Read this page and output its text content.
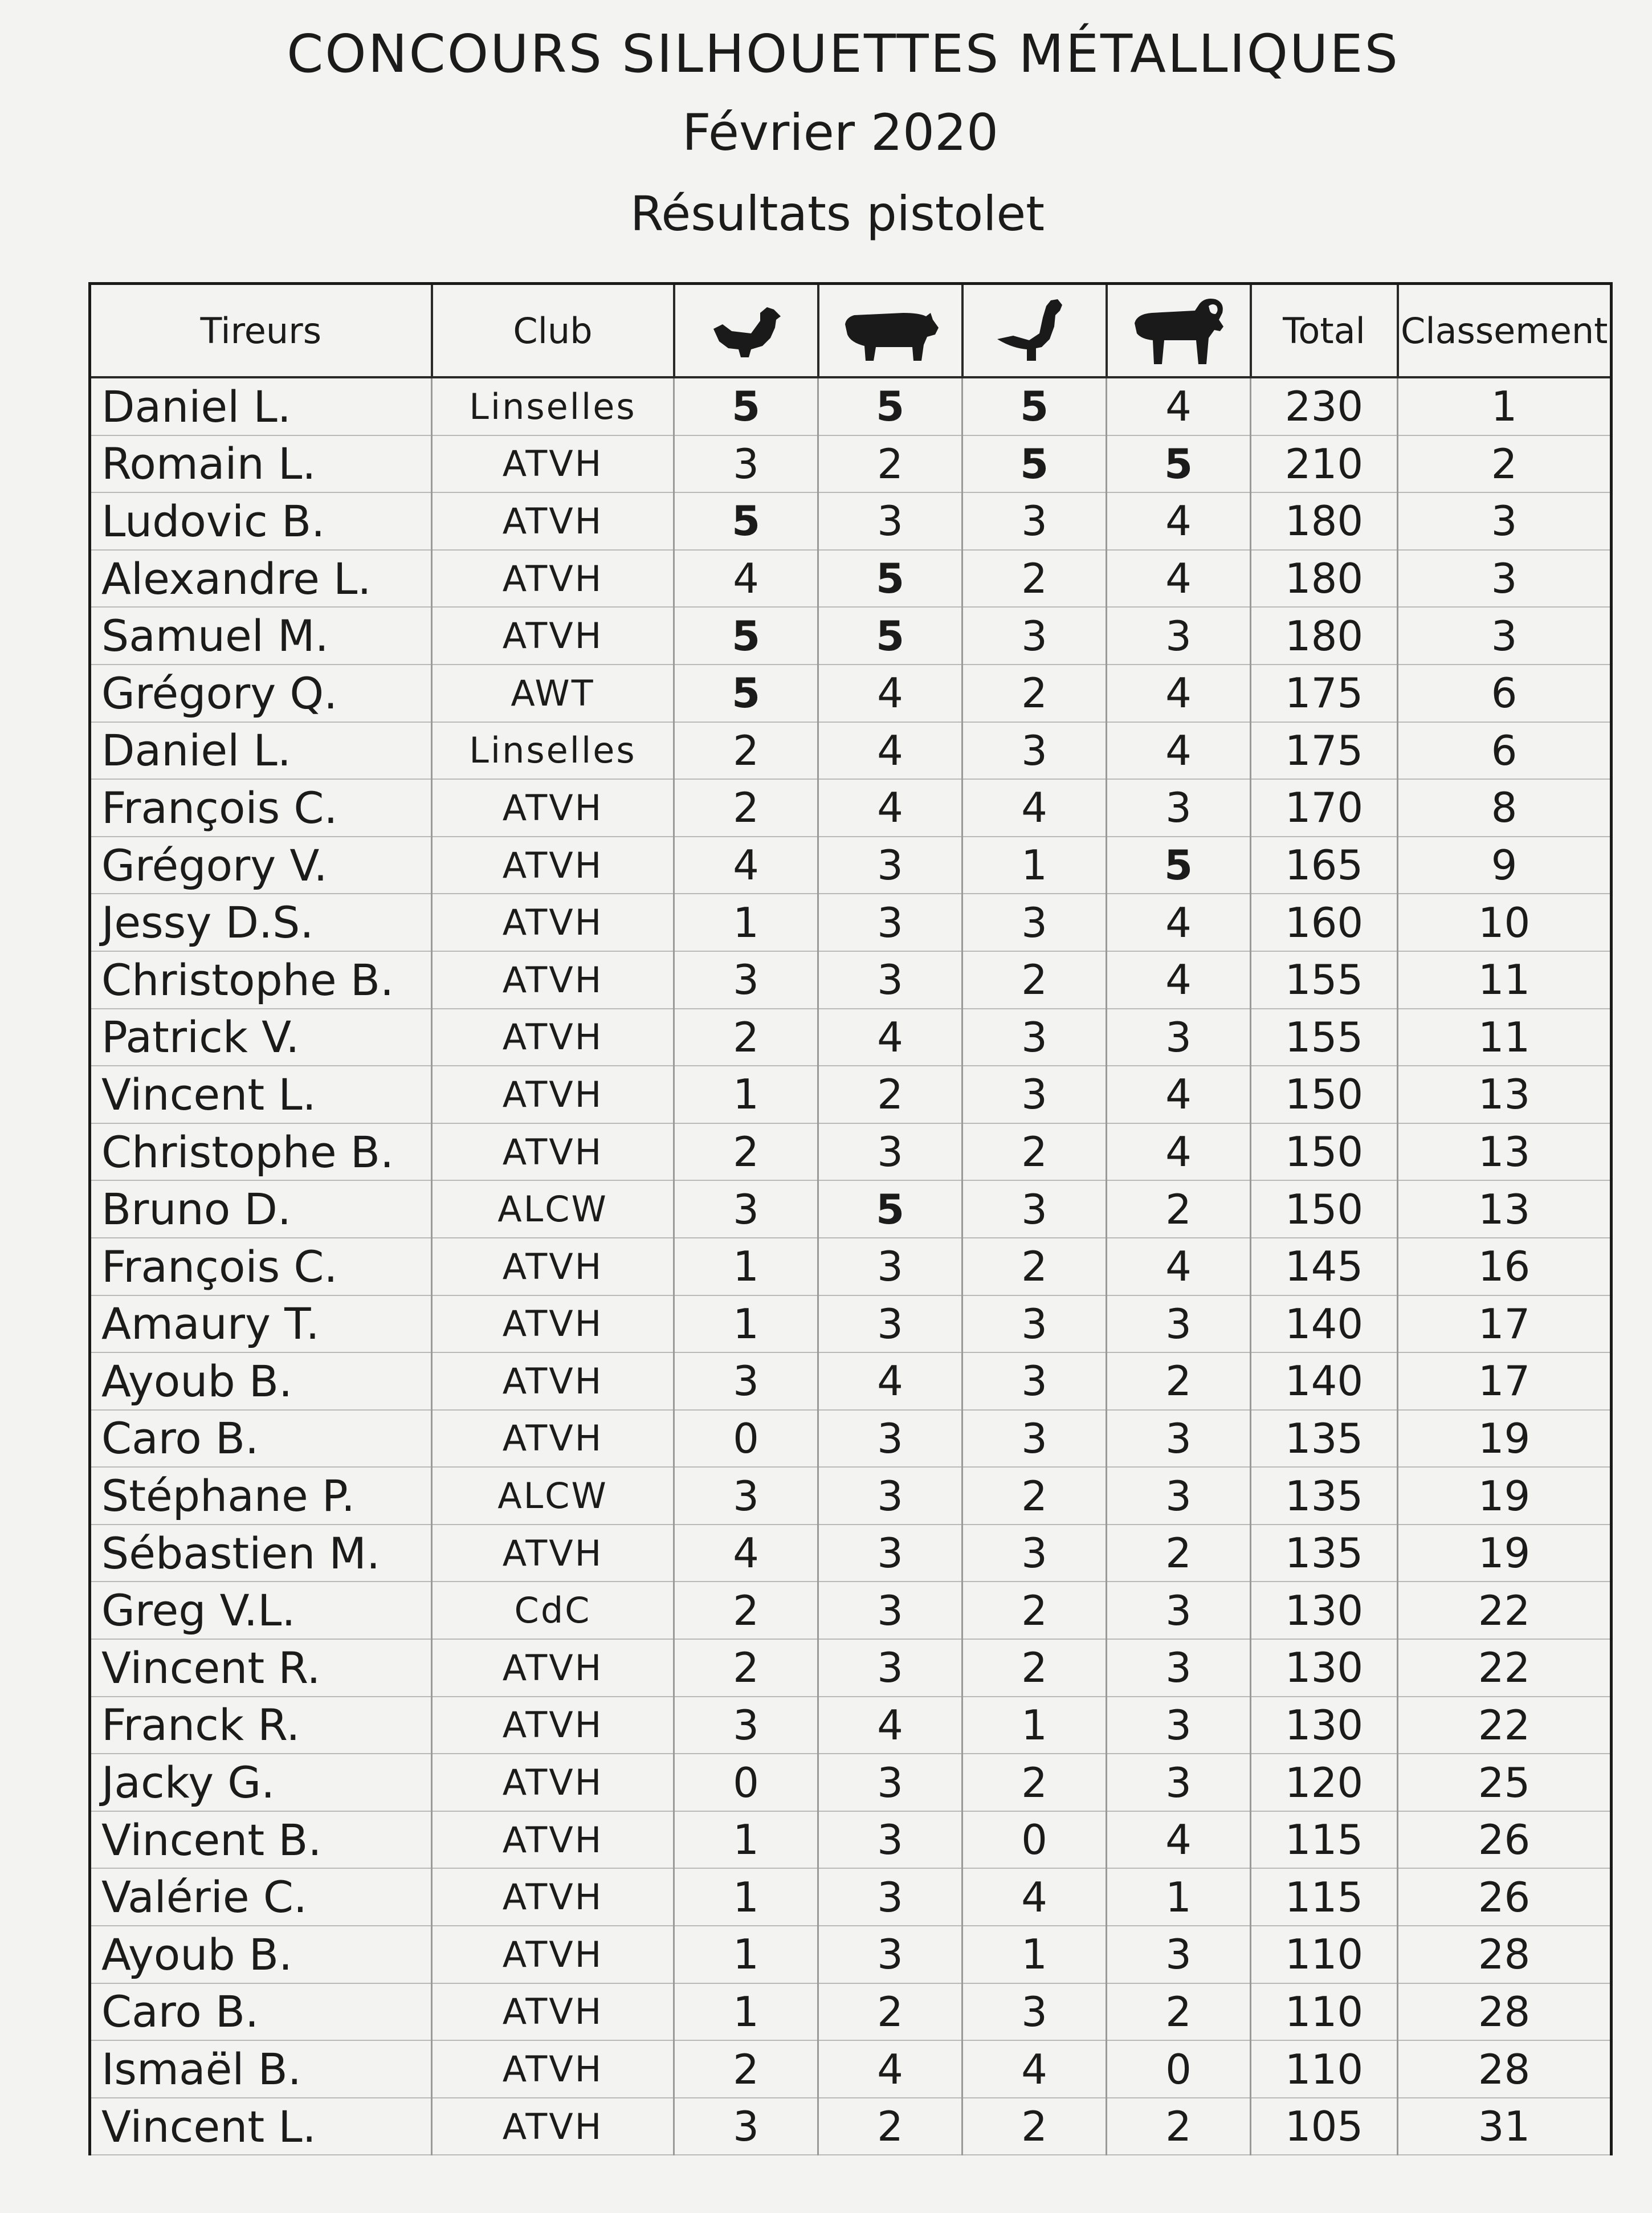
CONCOURS SILHOUETTES MÉTALLIQUES
Février 2020
Résultats pistolet
Tireurs	Club					Total	Classement
Daniel L.	Linselles	5	5	5	4	230	1
Romain L.	ATVH	3	2	5	5	210	2
Ludovic B.	ATVH	5	3	3	4	180	3
Alexandre L.	ATVH	4	5	2	4	180	3
Samuel M.	ATVH	5	5	3	3	180	3
Grégory Q.	AWT	5	4	2	4	175	6
Daniel L.	Linselles	2	4	3	4	175	6
François C.	ATVH	2	4	4	3	170	8
Grégory V.	ATVH	4	3	1	5	165	9
Jessy D.S.	ATVH	1	3	3	4	160	10
Christophe B.	ATVH	3	3	2	4	155	11
Patrick V.	ATVH	2	4	3	3	155	11
Vincent L.	ATVH	1	2	3	4	150	13
Christophe B.	ATVH	2	3	2	4	150	13
Bruno D.	ALCW	3	5	3	2	150	13
François C.	ATVH	1	3	2	4	145	16
Amaury T.	ATVH	1	3	3	3	140	17
Ayoub B.	ATVH	3	4	3	2	140	17
Caro B.	ATVH	0	3	3	3	135	19
Stéphane P.	ALCW	3	3	2	3	135	19
Sébastien M.	ATVH	4	3	3	2	135	19
Greg V.L.	CdC	2	3	2	3	130	22
Vincent R.	ATVH	2	3	2	3	130	22
Franck R.	ATVH	3	4	1	3	130	22
Jacky G.	ATVH	0	3	2	3	120	25
Vincent B.	ATVH	1	3	0	4	115	26
Valérie C.	ATVH	1	3	4	1	115	26
Ayoub B.	ATVH	1	3	1	3	110	28
Caro B.	ATVH	1	2	3	2	110	28
Ismaël B.	ATVH	2	4	4	0	110	28
Vincent L.	ATVH	3	2	2	2	105	31
